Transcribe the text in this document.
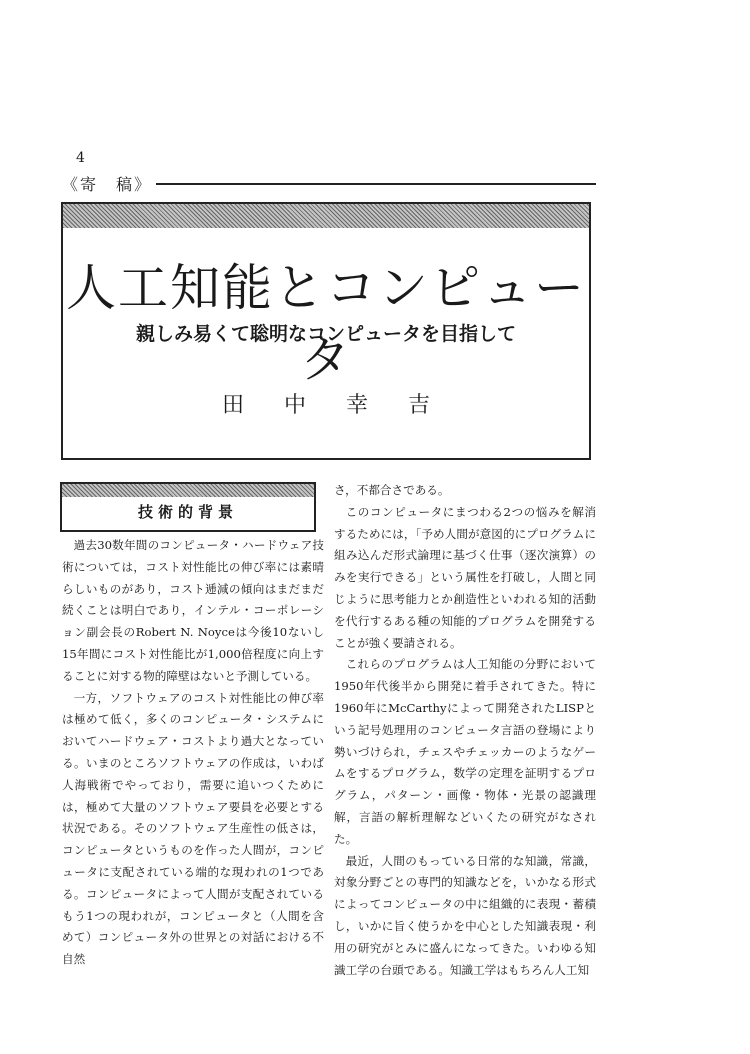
4
《寄　稿》
人工知能とコンピュータ
親しみ易くて聡明なコンピュータを目指して
田中幸吉
技術的背景

過去30数年間のコンピュータ・ハードウェア技術については，コスト対性能比の伸び率には素晴らしいものがあり，コスト逓減の傾向はまだまだ続くことは明白であり，インテル・コーポレーション副会長のRobert N. Noyceは今後10ないし15年間にコスト対性能比が1,000倍程度に向上することに対する物的障壁はないと予測している。

一方，ソフトウェアのコスト対性能比の伸び率は極めて低く，多くのコンピュータ・システムにおいてハードウェア・コストより過大となっている。いまのところソフトウェアの作成は，いわば人海戦術でやっており，需要に追いつくためには，極めて大量のソフトウェア要員を必要とする状況である。そのソフトウェア生産性の低さは，コンピュータというものを作った人間が，コンピュータに支配されている端的な現われの1つである。コンピュータによって人間が支配されているもう1つの現われが，コンピュータと（人間を含めて）コンピュータ外の世界との対話における不自然

さ，不都合さである。

このコンピュータにまつわる2つの悩みを解消するためには，「予め人間が意図的にプログラムに組み込んだ形式論理に基づく仕事（逐次演算）のみを実行できる」という属性を打破し，人間と同じように思考能力とか創造性といわれる知的活動を代行するある種の知能的プログラムを開発することが強く要請される。

これらのプログラムは人工知能の分野において1950年代後半から開発に着手されてきた。特に1960年にMcCarthyによって開発されたLISPという記号処理用のコンピュータ言語の登場により勢いづけられ，チェスやチェッカーのようなゲームをするプログラム，数学の定理を証明するプログラム，パターン・画像・物体・光景の認識理解，言語の解析理解などいくたの研究がなされた。

最近，人間のもっている日常的な知識，常識，対象分野ごとの専門的知識などを，いかなる形式によってコンピュータの中に組織的に表現・蓄積し，いかに旨く使うかを中心とした知識表現・利用の研究がとみに盛んになってきた。いわゆる知識工学の台頭である。知識工学はもちろん人工知
